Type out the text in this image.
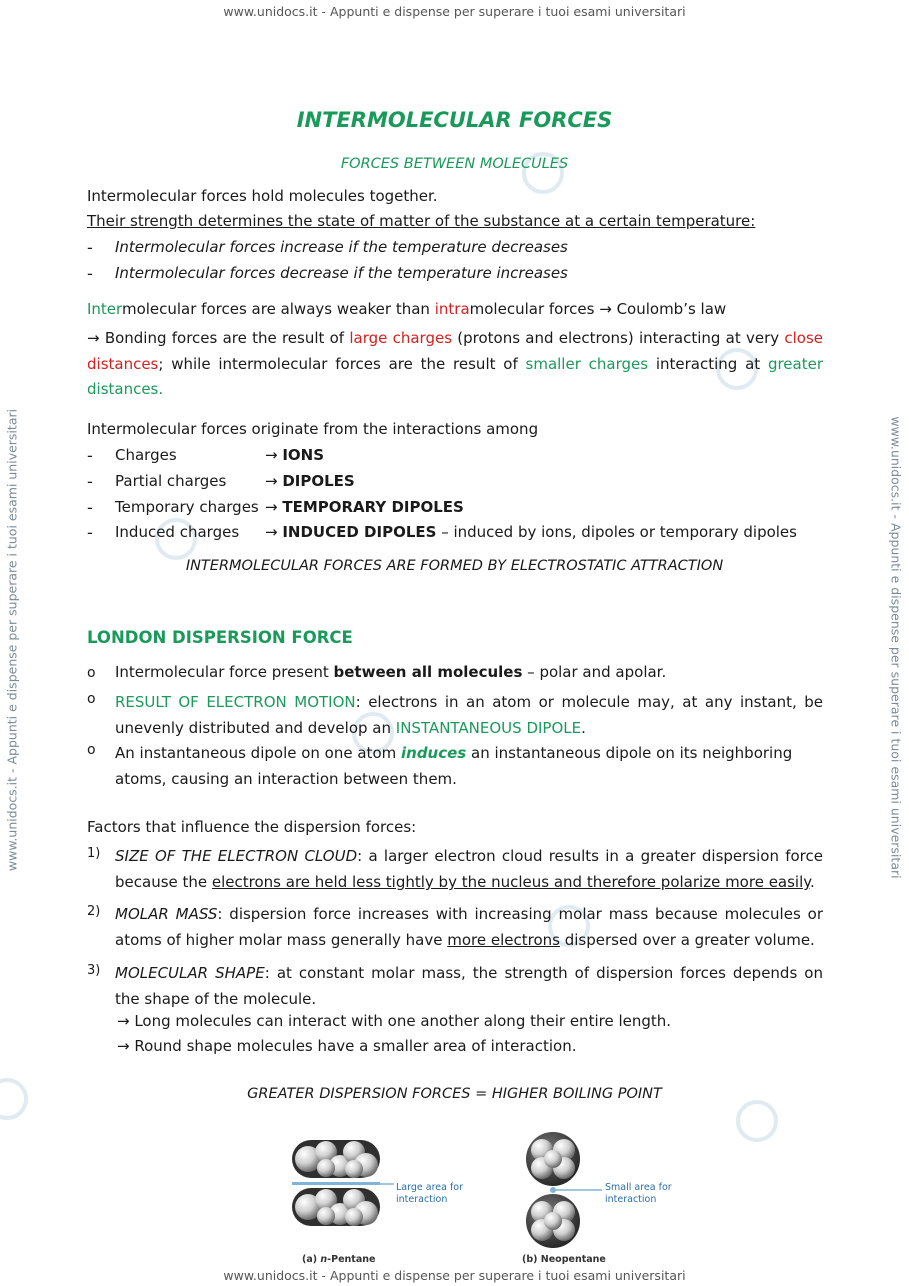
www.unidocs.it - Appunti e dispense per superare i tuoi esami universitari
www.unidocs.it - Appunti e dispense per superare i tuoi esami universitari
www.unidocs.it - Appunti e dispense per superare i tuoi esami universitari	www.unidocs.it - Appunti e dispense per superare i tuoi esami universitari
INTERMOLECULAR FORCES
FORCES BETWEEN MOLECULES
Intermolecular forces hold molecules together.
Their strength determines the state of matter of the substance at a certain temperature:
- Intermolecular forces increase if the temperature decreases
- Intermolecular forces decrease if the temperature increases
Intermolecular forces are always weaker than intramolecular forces → Coulomb’s law
→ Bonding forces are the result of large charges (protons and electrons) interacting at very close distances; while intermolecular forces are the result of smaller charges interacting at greater distances.
Intermolecular forces originate from the interactions among
- Charges	→ IONS
- Partial charges	→ DIPOLES
- Temporary charges → TEMPORARY DIPOLES
- Induced charges → INDUCED DIPOLES – induced by ions, dipoles or temporary dipoles
INTERMOLECULAR FORCES ARE FORMED BY ELECTROSTATIC ATTRACTION
LONDON DISPERSION FORCE
o Intermolecular force present between all molecules – polar and apolar.
o RESULT OF ELECTRON MOTION: electrons in an atom or molecule may, at any instant, be unevenly distributed and develop an INSTANTANEOUS DIPOLE.
o An instantaneous dipole on one atom induces an instantaneous dipole on its neighboring atoms, causing an interaction between them.
Factors that influence the dispersion forces:
1) SIZE OF THE ELECTRON CLOUD: a larger electron cloud results in a greater dispersion force because the electrons are held less tightly by the nucleus and therefore polarize more easily.
2) MOLAR MASS: dispersion force increases with increasing molar mass because molecules or atoms of higher molar mass generally have more electrons dispersed over a greater volume.
3) MOLECULAR SHAPE: at constant molar mass, the strength of dispersion forces depends on the shape of the molecule.
→ Long molecules can interact with one another along their entire length.
→ Round shape molecules have a smaller area of interaction.
GREATER DISPERSION FORCES = HIGHER BOILING POINT
Large area for interaction
Small area for interaction
(a) n-Pentane	(b) Neopentane
